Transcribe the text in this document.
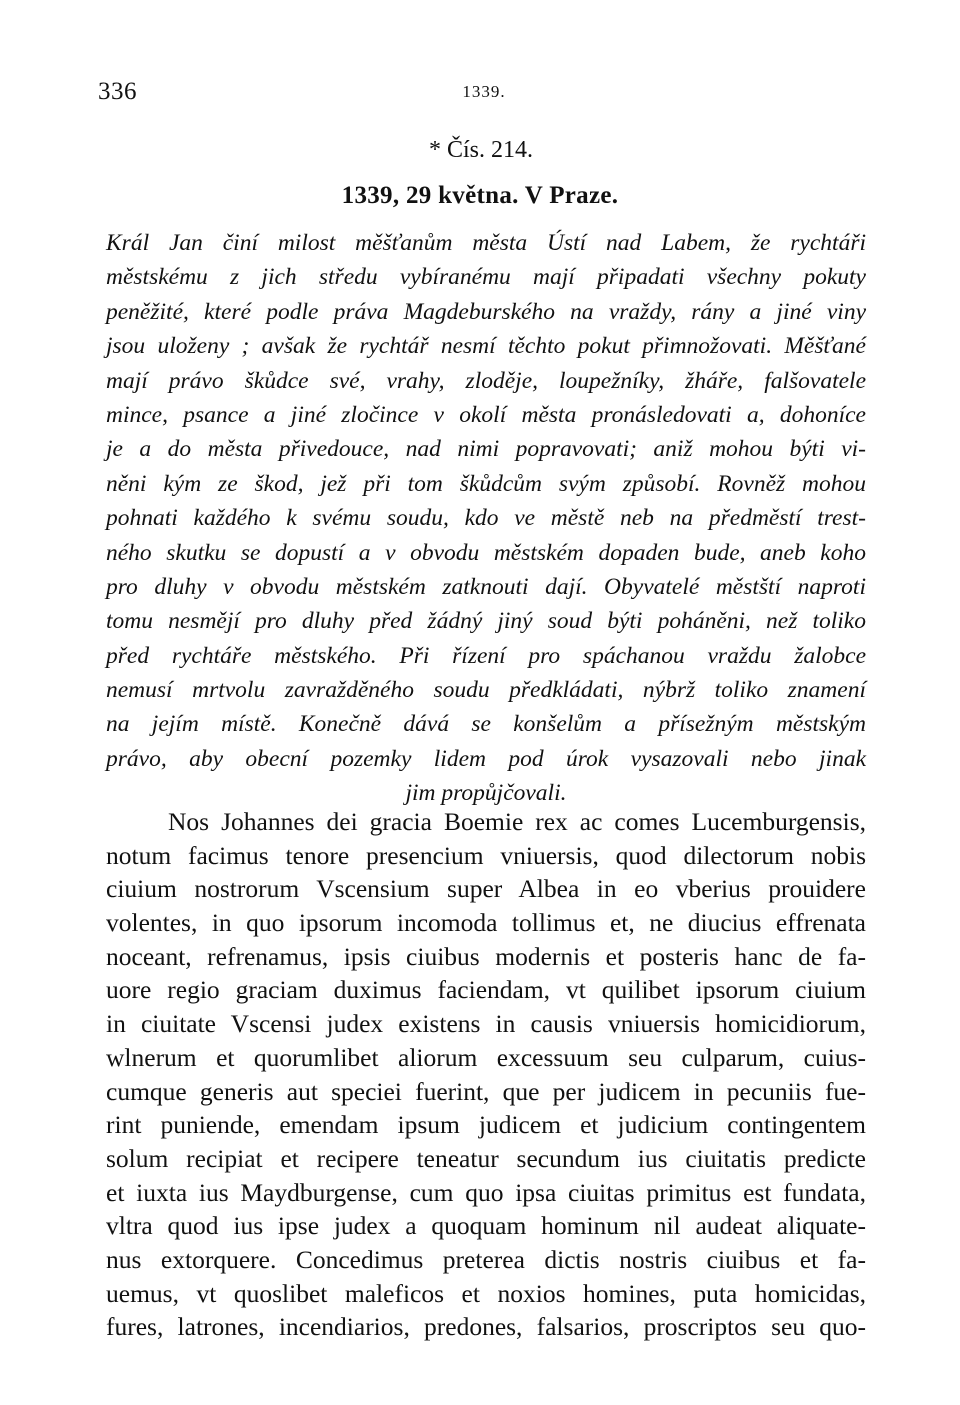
336	1339.
* Čís. 214.
1339, 29 května. V Praze.
Král Jan činí milost měšťanům města Ústí nad Labem, že rychtáři
městskému z jich středu vybíranému mají připadati všechny pokuty
peněžité, které podle práva Magdeburského na vraždy, rány a jiné viny
jsou uloženy ; avšak že rychtář nesmí těchto pokut přimnožovati. Měšťané
mají právo škůdce své, vrahy, zloděje, loupežníky, žháře, falšovatele
mince, psance a jiné zločince v okolí města pronásledovati a, dohoníce
je a do města přivedouce, nad nimi popravovati; aniž mohou býti vi-
něni kým ze škod, jež při tom škůdcům svým způsobí. Rovněž mohou
pohnati každého k svému soudu, kdo ve městě neb na předměstí trest-
ného skutku se dopustí a v obvodu městském dopaden bude, aneb koho
pro dluhy v obvodu městském zatknouti dají. Obyvatelé městští naproti
tomu nesmějí pro dluhy před žádný jiný soud býti poháněni, než toliko
před rychtáře městského. Při řízení pro spáchanou vraždu žalobce
nemusí mrtvolu zavražděného soudu předkládati, nýbrž toliko znamení
na jejím místě. Konečně dává se konšelům a přísežným městským
právo, aby obecní pozemky lidem pod úrok vysazovali nebo jinak
jim propůjčovali.
Nos Johannes dei gracia Boemie rex ac comes Lucemburgensis,
notum facimus tenore presencium vniuersis, quod dilectorum nobis
ciuium nostrorum Vscensium super Albea in eo vberius prouidere
volentes, in quo ipsorum incomoda tollimus et, ne diucius effrenata
noceant, refrenamus, ipsis ciuibus modernis et posteris hanc de fa-
uore regio graciam duximus faciendam, vt quilibet ipsorum ciuium
in ciuitate Vscensi judex existens in causis vniuersis homicidiorum,
wlnerum et quorumlibet aliorum excessuum seu culparum, cuius-
cumque generis aut speciei fuerint, que per judicem in pecuniis fue-
rint puniende, emendam ipsum judicem et judicium contingentem
solum recipiat et recipere teneatur secundum ius ciuitatis predicte
et iuxta ius Maydburgense, cum quo ipsa ciuitas primitus est fundata,
vltra quod ius ipse judex a quoquam hominum nil audeat aliquate-
nus extorquere. Concedimus preterea dictis nostris ciuibus et fa-
uemus, vt quoslibet maleficos et noxios homines, puta homicidas,
fures, latrones, incendiarios, predones, falsarios, proscriptos seu quo-
